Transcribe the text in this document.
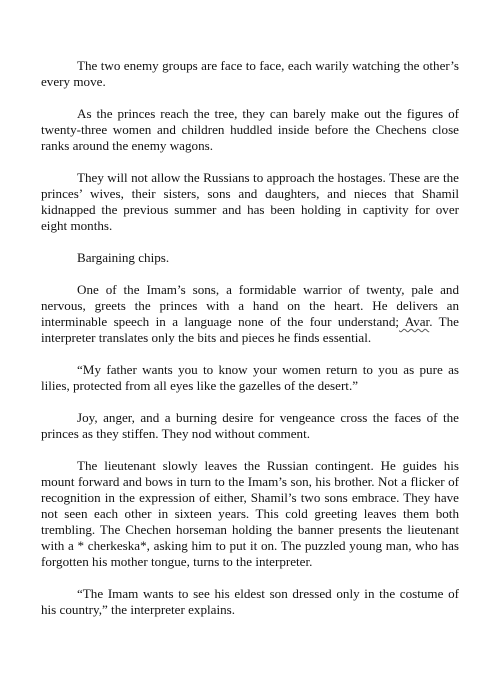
The two enemy groups are face to face, each warily watching the other’s every move.

As the princes reach the tree, they can barely make out the figures of twenty-three women and children huddled inside before the Chechens close ranks around the enemy wagons.

They will not allow the Russians to approach the hostages. These are the princes’ wives, their sisters, sons and daughters, and nieces that Shamil kidnapped the previous summer and has been holding in captivity for over eight months.

Bargaining chips.

One of the Imam’s sons, a formidable warrior of twenty, pale and nervous, greets the princes with a hand on the heart. He delivers an interminable speech in a language none of the four understand; Avar. The interpreter translates only the bits and pieces he finds essential.

“My father wants you to know your women return to you as pure as lilies, protected from all eyes like the gazelles of the desert.”

Joy, anger, and a burning desire for vengeance cross the faces of the princes as they stiffen. They nod without comment.

The lieutenant slowly leaves the Russian contingent. He guides his mount forward and bows in turn to the Imam’s son, his brother. Not a flicker of recognition in the expression of either, Shamil’s two sons embrace. They have not seen each other in sixteen years. This cold greeting leaves them both trembling. The Chechen horseman holding the banner presents the lieutenant with a * cherkeska*, asking him to put it on. The puzzled young man, who has forgotten his mother tongue, turns to the interpreter.

“The Imam wants to see his eldest son dressed only in the costume of his country,” the interpreter explains.
